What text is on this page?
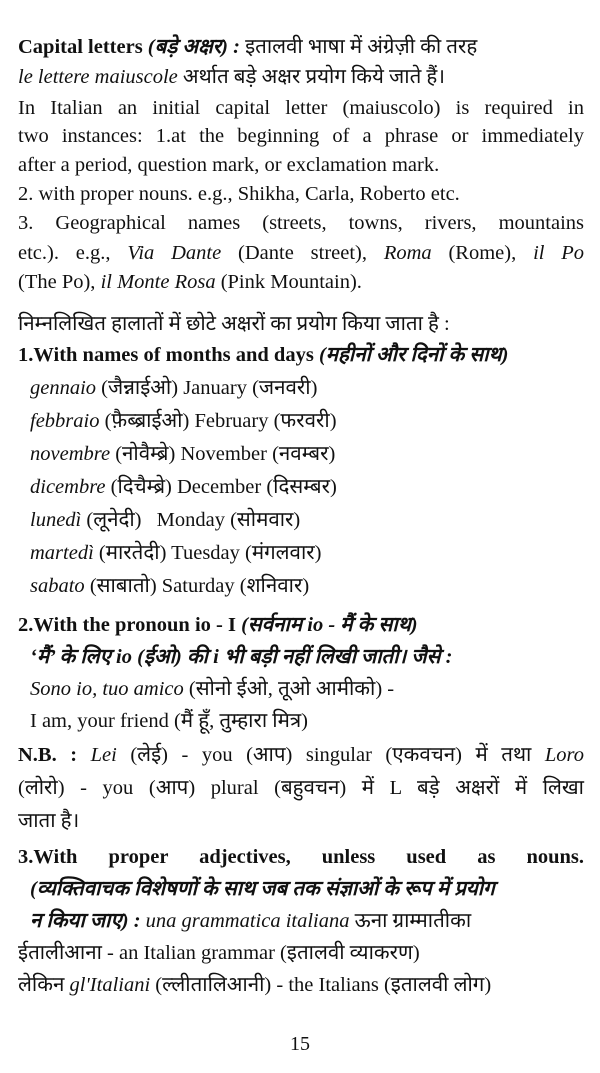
Capital letters (बड़े अक्षर) : इतालवी भाषा में अंग्रेज़ी की तरह
le lettere maiuscole अर्थात बड़े अक्षर प्रयोग किये जाते हैं।
In Italian an initial capital letter (maiuscolo) is required in
two instances: 1.at the beginning of a phrase or immediately
after a period, question mark, or exclamation mark.
2. with proper nouns. e.g., Shikha, Carla, Roberto etc.
3. Geographical names (streets, towns, rivers, mountains
etc.). e.g., Via Dante (Dante street), Roma (Rome), il Po
(The Po), il Monte Rosa (Pink Mountain).
निम्नलिखित हालातों में छोटे अक्षरों का प्रयोग किया जाता है :
1.With names of months and days (महीनों और दिनों के साथ)
gennaio (जैन्नाईओ) January (जनवरी)
febbraio (फ़ैब्ब्राईओ) February (फरवरी)
novembre (नोवैम्ब्रे) November (नवम्बर)
dicembre (दिचैम्ब्रे) December (दिसम्बर)
lunedì (लूनेदी) Monday (सोमवार)
martedì (मारतेदी) Tuesday (मंगलवार)
sabato (साबातो) Saturday (शनिवार)
2.With the pronoun io - I (सर्वनाम io - मैं के साथ)
‘मैं’ के लिए io (ईओ) की i भी बड़ी नहीं लिखी जाती। जैसे :
Sono io, tuo amico (सोनो ईओ, तूओ आमीको) -
I am, your friend (मैं हूँ, तुम्हारा मित्र)
N.B. : Lei (लेई) - you (आप) singular (एकवचन) में तथा Loro
(लोरो) - you (आप) plural (बहुवचन) में L बड़े अक्षरों में लिखा
जाता है।
3.With proper adjectives, unless used as nouns.
(व्यक्तिवाचक विशेषणों के साथ जब तक संज्ञाओं के रूप में प्रयोग
न किया जाए) : una grammatica italiana ऊना ग्राम्मातीका
ईतालीआना - an Italian grammar (इतालवी व्याकरण)
लेकिन gl'Italiani (ल्लीतालिआनी) - the Italians (इतालवी लोग)
15
